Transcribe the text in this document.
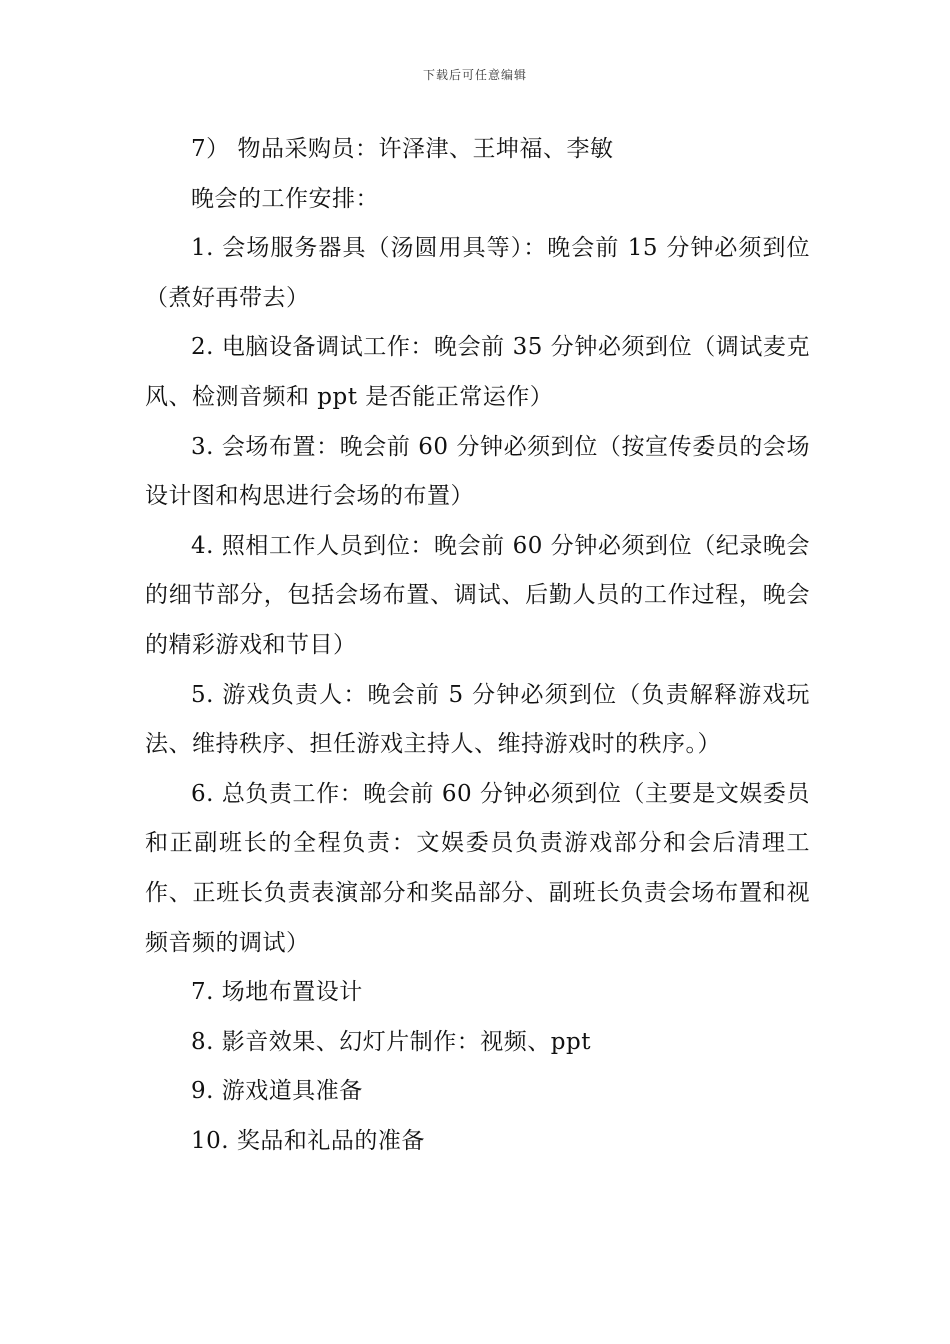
下载后可任意编辑

7） 物品采购员：许泽津、王坤福、李敏

晚会的工作安排：

1. 会场服务器具（汤圆用具等）：晚会前 15 分钟必须到位（煮好再带去）

2. 电脑设备调试工作：晚会前 35 分钟必须到位（调试麦克风、检测音频和 ppt 是否能正常运作）

3. 会场布置：晚会前 60 分钟必须到位（按宣传委员的会场设计图和构思进行会场的布置）

4. 照相工作人员到位：晚会前 60 分钟必须到位（纪录晚会的细节部分，包括会场布置、调试、后勤人员的工作过程，晚会的精彩游戏和节目）

5. 游戏负责人：晚会前 5 分钟必须到位（负责解释游戏玩法、维持秩序、担任游戏主持人、维持游戏时的秩序。）

6. 总负责工作：晚会前 60 分钟必须到位（主要是文娱委员和正副班长的全程负责：文娱委员负责游戏部分和会后清理工作、正班长负责表演部分和奖品部分、副班长负责会场布置和视频音频的调试）

7. 场地布置设计

8. 影音效果、幻灯片制作：视频、ppt

9. 游戏道具准备

10. 奖品和礼品的准备
